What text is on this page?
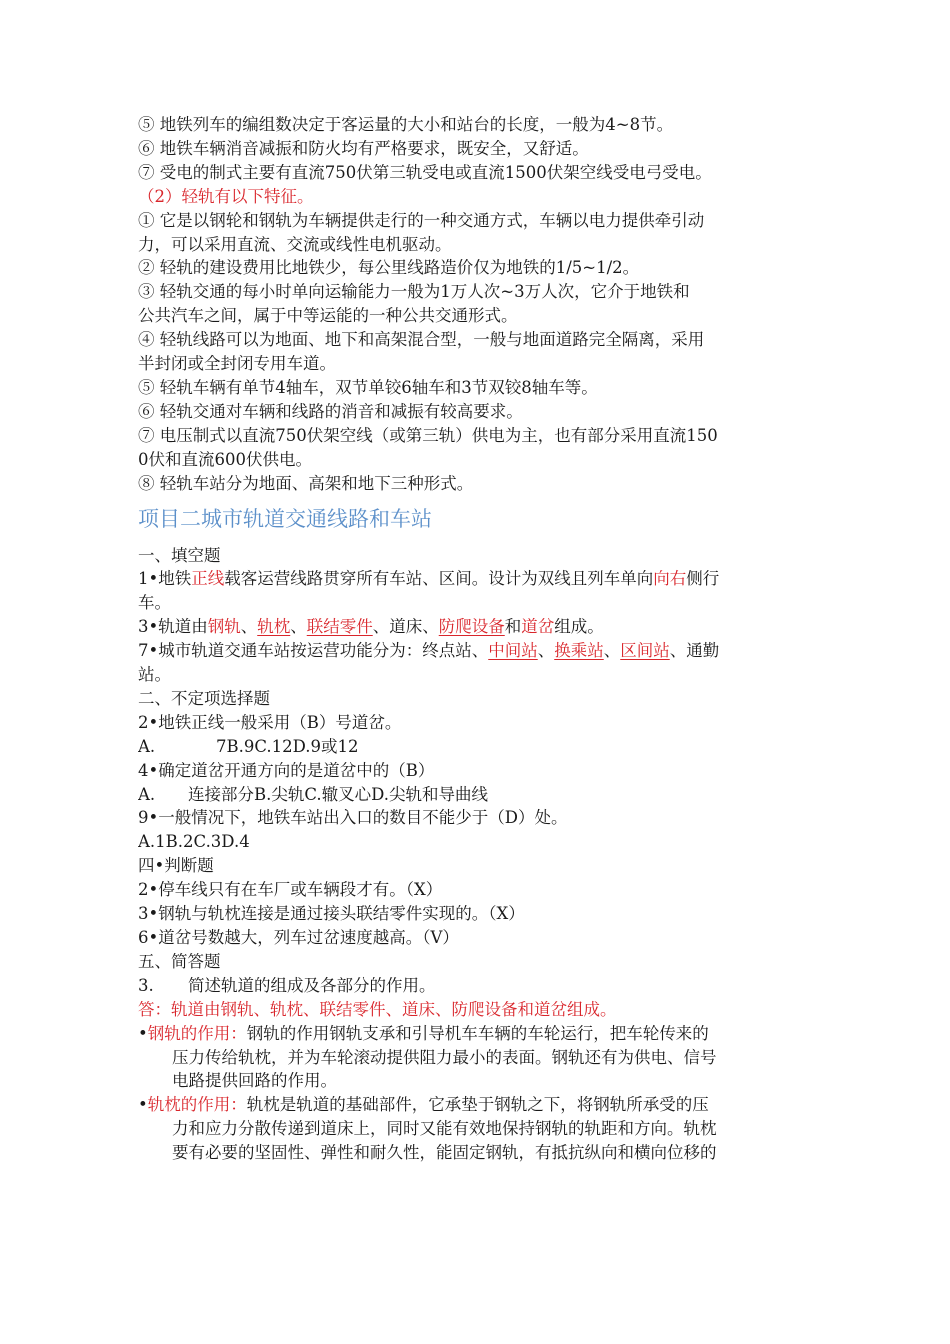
⑤ 地铁列车的编组数决定于客运量的大小和站台的长度，一般为4~8节。
⑥ 地铁车辆消音减振和防火均有严格要求，既安全，又舒适。
⑦ 受电的制式主要有直流750伏第三轨受电或直流1500伏架空线受电弓受电。
（2）轻轨有以下特征。
① 它是以钢轮和钢轨为车辆提供走行的一种交通方式，车辆以电力提供牵引动
力，可以采用直流、交流或线性电机驱动。
② 轻轨的建设费用比地铁少，每公里线路造价仅为地铁的1/5~1/2。
③ 轻轨交通的每小时单向运输能力一般为1万人次~3万人次，它介于地铁和
公共汽车之间，属于中等运能的一种公共交通形式。
④ 轻轨线路可以为地面、地下和高架混合型，一般与地面道路完全隔离，采用
半封闭或全封闭专用车道。
⑤ 轻轨车辆有单节4轴车，双节单铰6轴车和3节双铰8轴车等。
⑥ 轻轨交通对车辆和线路的消音和减振有较高要求。
⑦ 电压制式以直流750伏架空线（或第三轨）供电为主，也有部分采用直流150
0伏和直流600伏供电。
⑧ 轻轨车站分为地面、高架和地下三种形式。
项目二城市轨道交通线路和车站
一、填空题
1•地铁正线载客运营线路贯穿所有车站、区间。设计为双线且列车单向向右侧行
车。
3•轨道由钢轨、轨枕、联结零件、道床、防爬设备和道岔组成。
7•城市轨道交通车站按运营功能分为：终点站、中间站、换乘站、区间站、通勤
站。
二、不定项选择题
2•地铁正线一般采用（B）号道岔。
A.	7B.9C.12D.9或12
4•确定道岔开通方向的是道岔中的（B）
A. 连接部分B.尖轨C.辙叉心D.尖轨和导曲线
9•一般情况下，地铁车站出入口的数目不能少于（D）处。
A.1B.2C.3D.4
四•判断题
2•停车线只有在车厂或车辆段才有。（X）
3•钢轨与轨枕连接是通过接头联结零件实现的。（X）
6•道岔号数越大，列车过岔速度越高。（V）
五、简答题
3. 简述轨道的组成及各部分的作用。
答：轨道由钢轨、轨枕、联结零件、道床、防爬设备和道岔组成。
•钢轨的作用：钢轨的作用钢轨支承和引导机车车辆的车轮运行，把车轮传来的
压力传给轨枕，并为车轮滚动提供阻力最小的表面。钢轨还有为供电、信号
电路提供回路的作用。
•轨枕的作用：轨枕是轨道的基础部件，它承垫于钢轨之下，将钢轨所承受的压
力和应力分散传递到道床上，同时又能有效地保持钢轨的轨距和方向。轨枕
要有必要的坚固性、弹性和耐久性，能固定钢轨，有抵抗纵向和横向位移的
